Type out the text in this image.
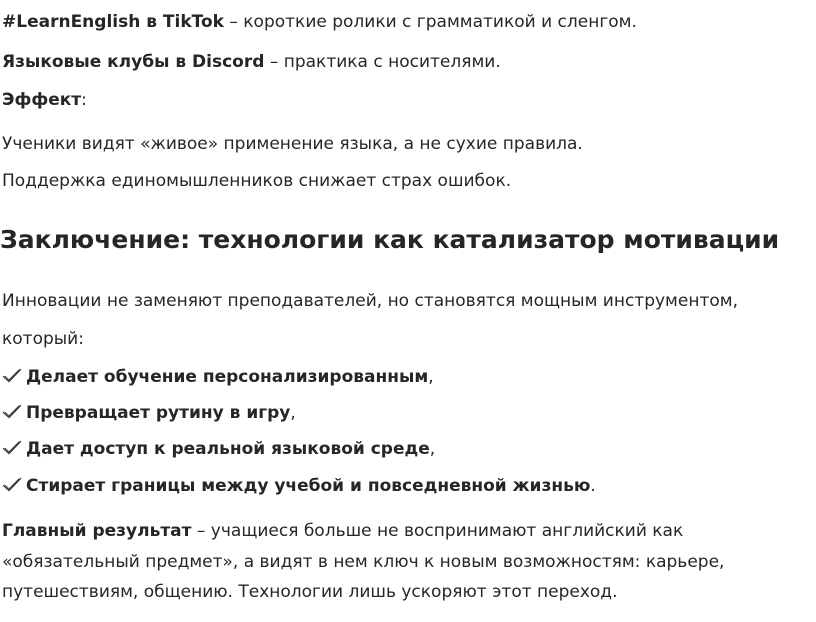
#LearnEnglish в TikTok – короткие ролики с грамматикой и сленгом.
Языковые клубы в Discord – практика с носителями.
Эффект:
Ученики видят «живое» применение языка, а не сухие правила.
Поддержка единомышленников снижает страх ошибок.
Заключение: технологии как катализатор мотивации
Инновации не заменяют преподавателей, но становятся мощным инструментом,
который:
Делает обучение персонализированным,
Превращает рутину в игру,
Дает доступ к реальной языковой среде,
Стирает границы между учебой и повседневной жизнью.
Главный результат – учащиеся больше не воспринимают английский как
«обязательный предмет», а видят в нем ключ к новым возможностям: карьере,
путешествиям, общению. Технологии лишь ускоряют этот переход.
